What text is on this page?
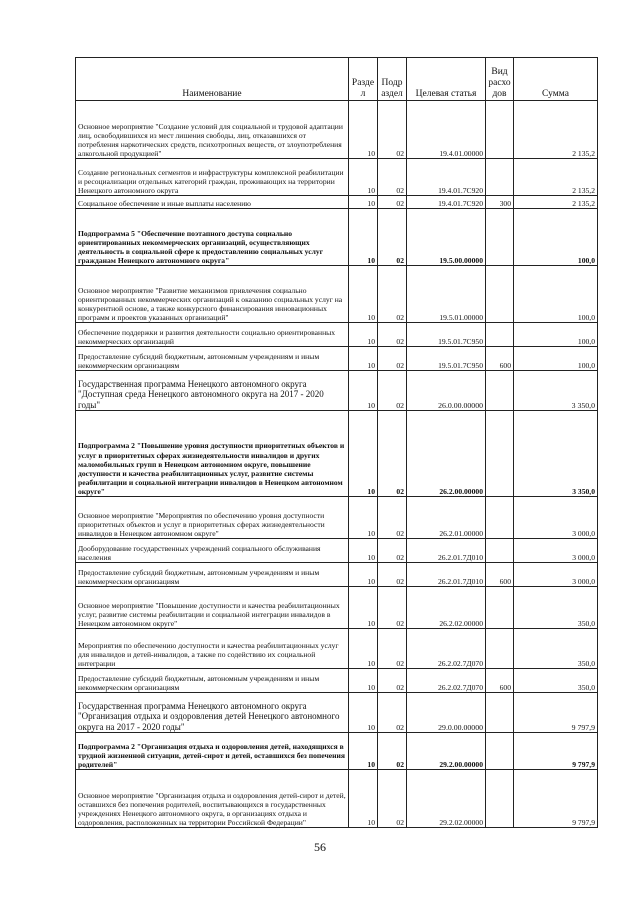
Наименование	Разде л	Подр аздел	Целевая статья	Вид расхо дов	Сумма
Основное мероприятие "Создание условий для социальной и трудовой адаптации лиц, освободившихся из мест лишения свободы, лиц, отказавшихся от потребления наркотических средств, психотропных веществ, от злоупотребления алкогольной продукцией"	10	02	19.4.01.00000		2 135,2
Создание региональных сегментов и инфраструктуры комплексной реабилитации и ресоциализации отдельных категорий граждан, проживающих на территории Ненецкого автономного округа	10	02	19.4.01.7С920		2 135,2
Социальное обеспечение и иные выплаты населению	10	02	19.4.01.7С920	300	2 135,2
Подпрограмма 5 "Обеспечение поэтапного доступа социально ориентированных некоммерческих организаций, осуществляющих деятельность в социальной сфере к предоставлению социальных услуг гражданам Ненецкого автономного округа"	10	02	19.5.00.00000		100,0
Основное мероприятие "Развитие механизмов привлечения социально ориентированных некоммерческих организаций к оказанию социальных услуг на конкурентной основе, а также конкурсного финансирования инновационных программ и проектов указанных организаций"	10	02	19.5.01.00000		100,0
Обеспечение поддержки и развития деятельности социально ориентированных некоммерческих организаций	10	02	19.5.01.7С950		100,0
Предоставление субсидий бюджетным, автономным учреждениям и иным некоммерческим организациям	10	02	19.5.01.7С950	600	100,0
Государственная программа Ненецкого автономного округа "Доступная среда Ненецкого автономного округа на 2017 - 2020 годы"	10	02	26.0.00.00000		3 350,0
Подпрограмма 2 "Повышение уровня доступности приоритетных объектов и услуг в приоритетных сферах жизнедеятельности инвалидов и других маломобильных групп в Ненецком автономном округе, повышение доступности и качества реабилитационных услуг, развитие системы реабилитации и социальной интеграции инвалидов в Ненецком автономном округе"	10	02	26.2.00.00000		3 350,0
Основное мероприятие "Мероприятия по обеспечению уровня доступности приоритетных объектов и услуг в приоритетных сферах жизнедеятельности инвалидов в Ненецком автономном округе"	10	02	26.2.01.00000		3 000,0
Дооборудование государственных учреждений социального обслуживания населения	10	02	26.2.01.7Д010		3 000,0
Предоставление субсидий бюджетным, автономным учреждениям и иным некоммерческим организациям	10	02	26.2.01.7Д010	600	3 000,0
Основное мероприятие "Повышение доступности и качества реабилитационных услуг, развитие системы реабилитации и социальной интеграции инвалидов в Ненецком автономном округе"	10	02	26.2.02.00000		350,0
Мероприятия по обеспечению доступности и качества реабилитационных услуг для инвалидов и детей-инвалидов, а также по содействию их социальной интеграции	10	02	26.2.02.7Д070		350,0
Предоставление субсидий бюджетным, автономным учреждениям и иным некоммерческим организациям	10	02	26.2.02.7Д070	600	350,0
Государственная программа Ненецкого автономного округа "Организация отдыха и оздоровления детей Ненецкого автономного округа на 2017 - 2020 годы"	10	02	29.0.00.00000		9 797,9
Подпрограмма 2 "Организация отдыха и оздоровления детей, находящихся в трудной жизненной ситуации, детей-сирот и детей, оставшихся без попечения родителей"	10	02	29.2.00.00000		9 797,9
Основное мероприятие "Организация отдыха и оздоровления детей-сирот и детей, оставшихся без попечения родителей, воспитывающихся в государственных учреждениях Ненецкого автономного округа, в организациях отдыха и оздоровления, расположенных на территории Российской Федерации"	10	02	29.2.02.00000		9 797,9
56
